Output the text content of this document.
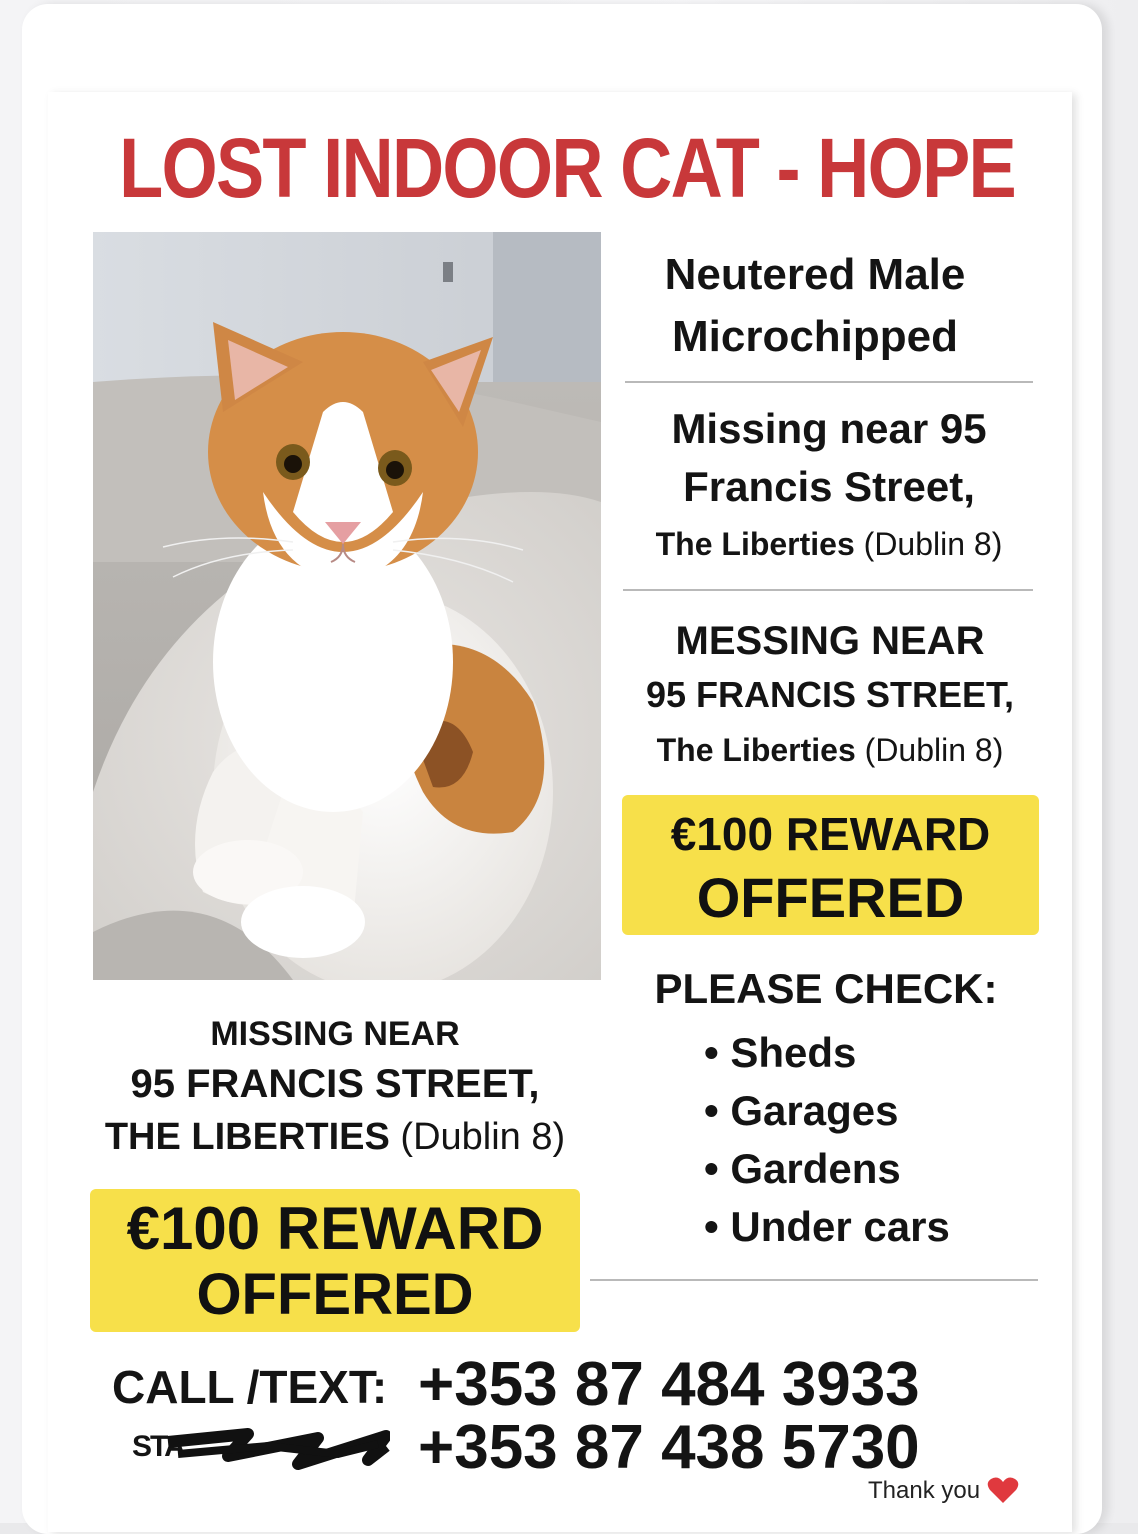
LOST INDOOR CAT - HOPE
Neutered Male
Microchipped
Missing near 95
Francis Street,
The Liberties (Dublin 8)
MESSING NEAR
95 FRANCIS STREET,
The Liberties (Dublin 8)
€100 REWARD
OFFERED
PLEASE CHECK:
• Sheds
• Garages
• Gardens
• Under cars
MISSING NEAR
95 FRANCIS STREET,
THE LIBERTIES (Dublin 8)
€100 REWARD
OFFERED
CALL /TEXT: +353 87 484 3933
+353 87 438 5730
STA
Thank you
